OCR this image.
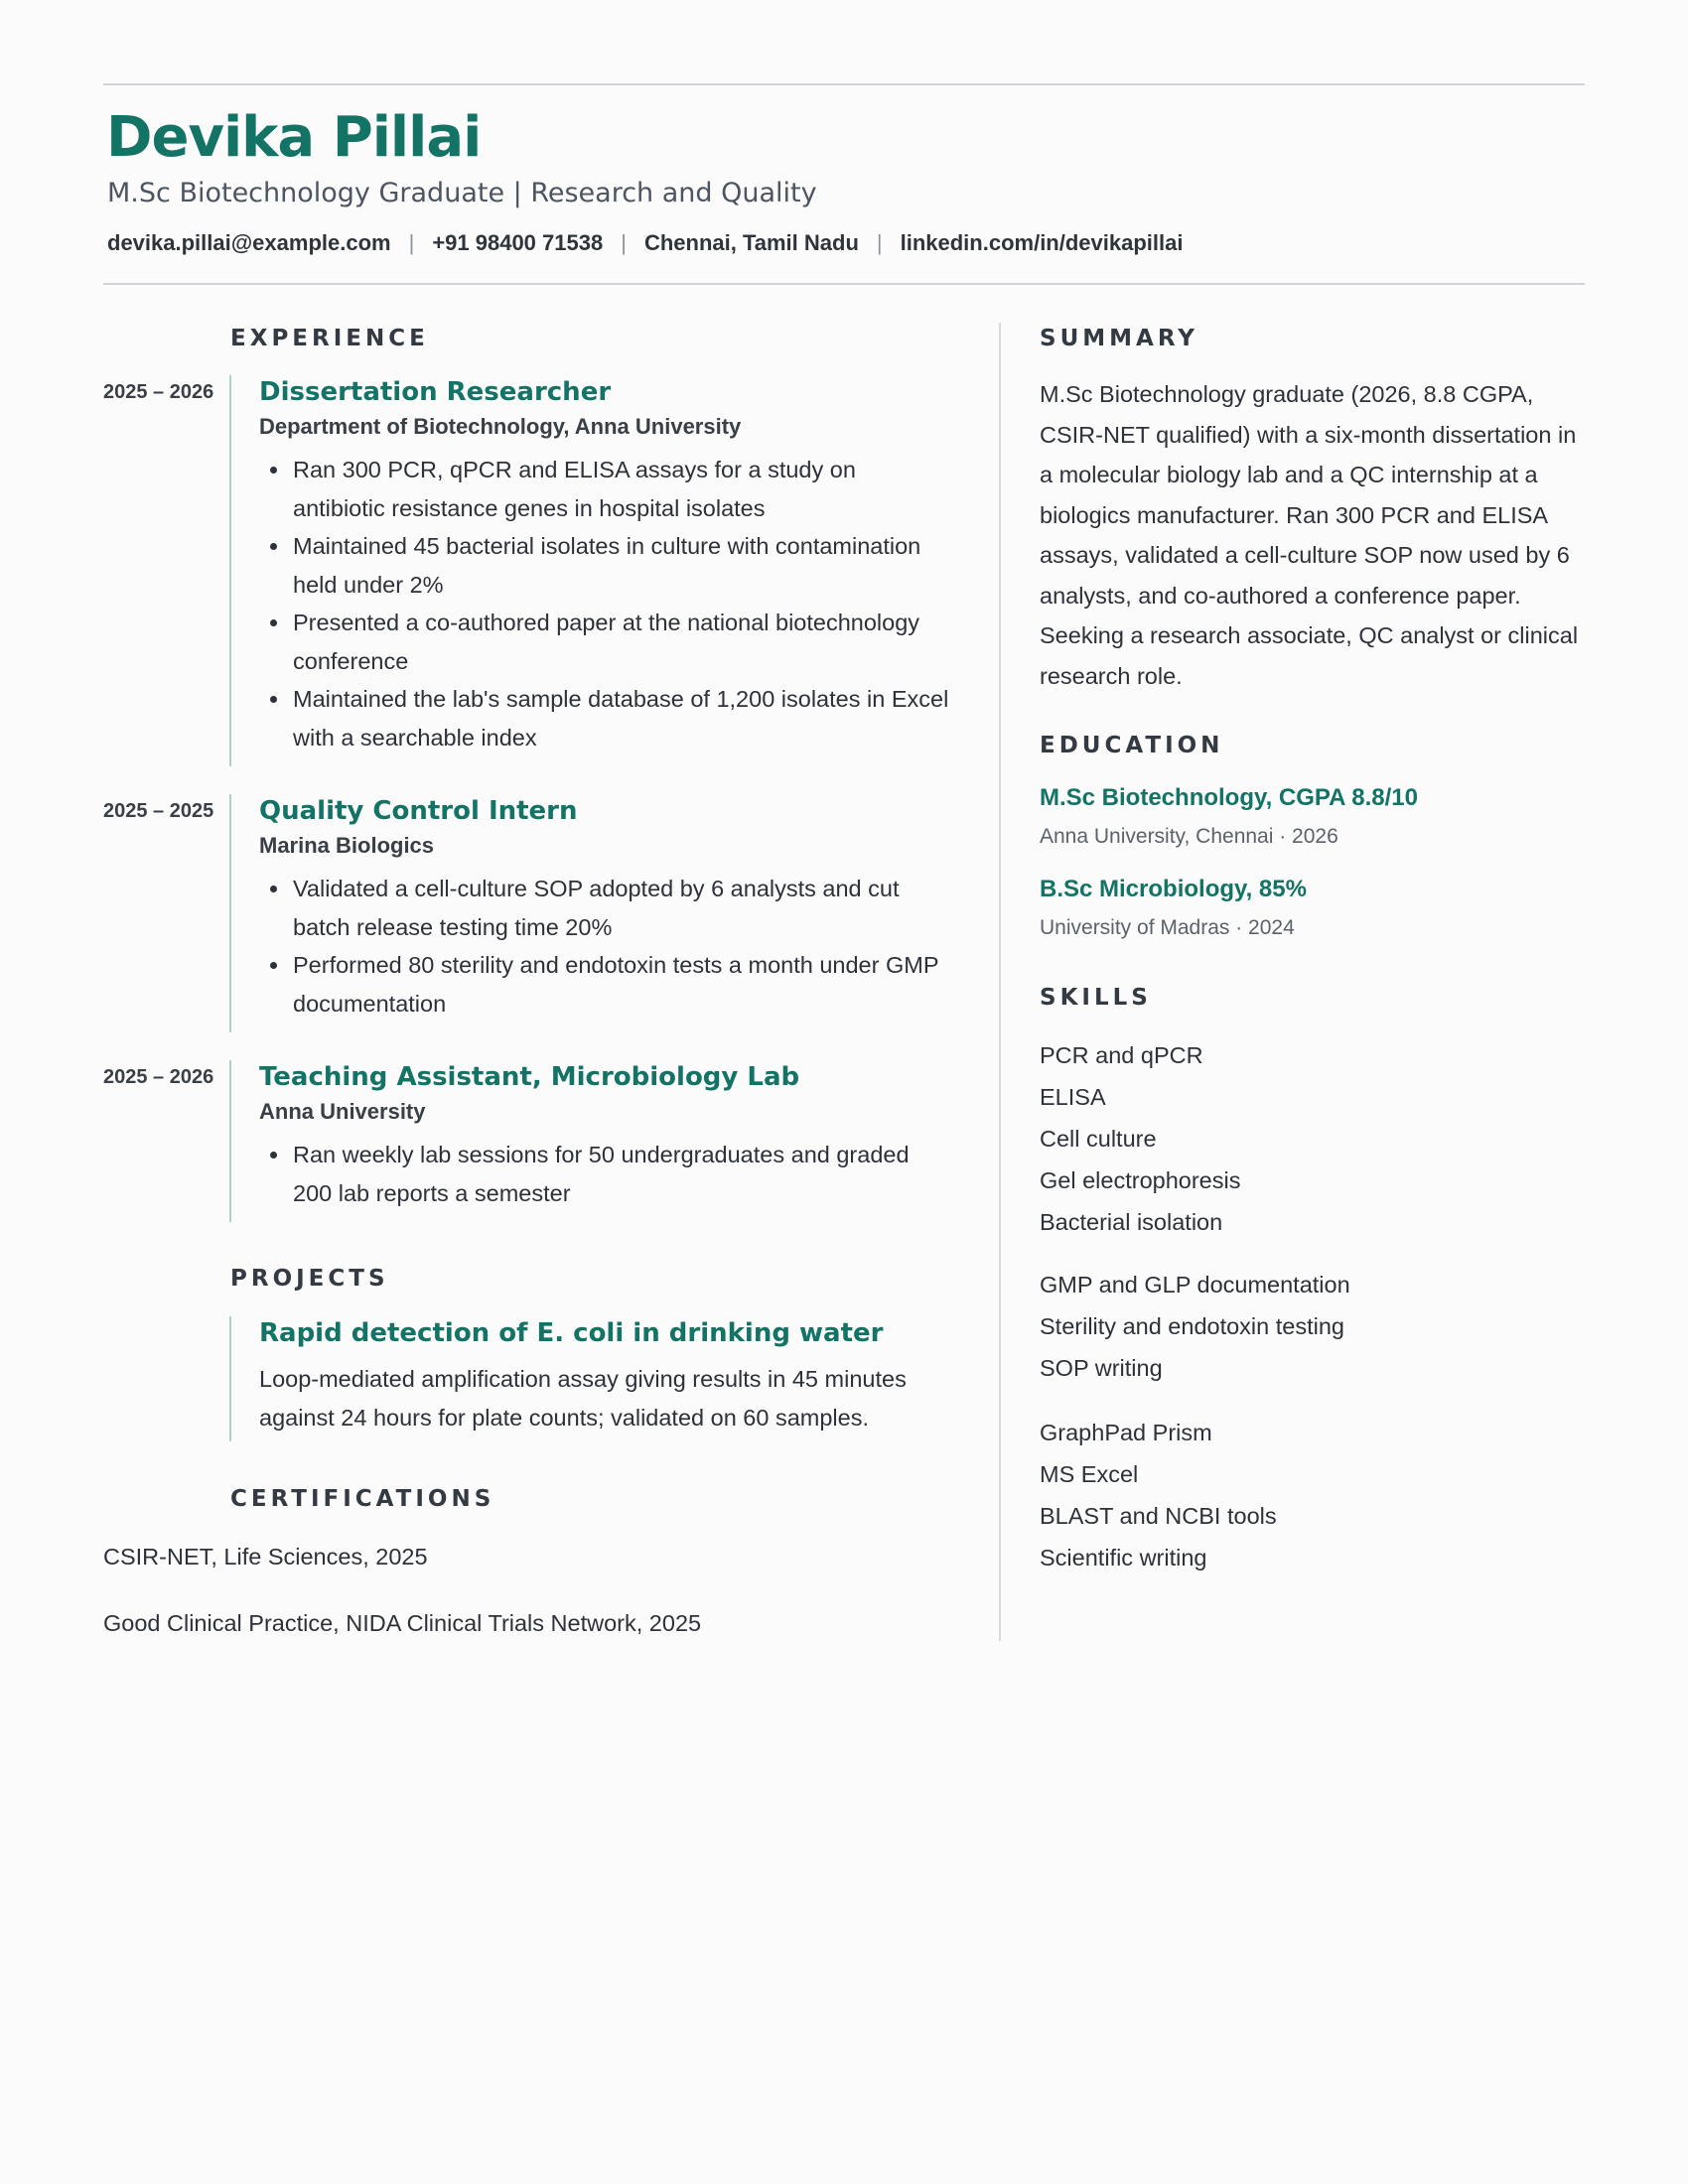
Devika Pillai
M.Sc Biotechnology Graduate | Research and Quality
devika.pillai@example.com | +91 98400 71538 | Chennai, Tamil Nadu | linkedin.com/in/devikapillai
EXPERIENCE
2025 – 2026 Dissertation Researcher
Department of Biotechnology, Anna University
• Ran 300 PCR, qPCR and ELISA assays for a study on antibiotic resistance genes in hospital isolates
• Maintained 45 bacterial isolates in culture with contamination held under 2%
• Presented a co-authored paper at the national biotechnology conference
• Maintained the lab's sample database of 1,200 isolates in Excel with a searchable index
2025 – 2025 Quality Control Intern
Marina Biologics
• Validated a cell-culture SOP adopted by 6 analysts and cut batch release testing time 20%
• Performed 80 sterility and endotoxin tests a month under GMP documentation
2025 – 2026 Teaching Assistant, Microbiology Lab
Anna University
• Ran weekly lab sessions for 50 undergraduates and graded 200 lab reports a semester
PROJECTS
Rapid detection of E. coli in drinking water
Loop-mediated amplification assay giving results in 45 minutes against 24 hours for plate counts; validated on 60 samples.
CERTIFICATIONS
CSIR-NET, Life Sciences, 2025
Good Clinical Practice, NIDA Clinical Trials Network, 2025
SUMMARY
M.Sc Biotechnology graduate (2026, 8.8 CGPA, CSIR-NET qualified) with a six-month dissertation in a molecular biology lab and a QC internship at a biologics manufacturer. Ran 300 PCR and ELISA assays, validated a cell-culture SOP now used by 6 analysts, and co-authored a conference paper. Seeking a research associate, QC analyst or clinical research role.
EDUCATION
M.Sc Biotechnology, CGPA 8.8/10
Anna University, Chennai · 2026
B.Sc Microbiology, 85%
University of Madras · 2024
SKILLS
PCR and qPCR
ELISA
Cell culture
Gel electrophoresis
Bacterial isolation
GMP and GLP documentation
Sterility and endotoxin testing
SOP writing
GraphPad Prism
MS Excel
BLAST and NCBI tools
Scientific writing
